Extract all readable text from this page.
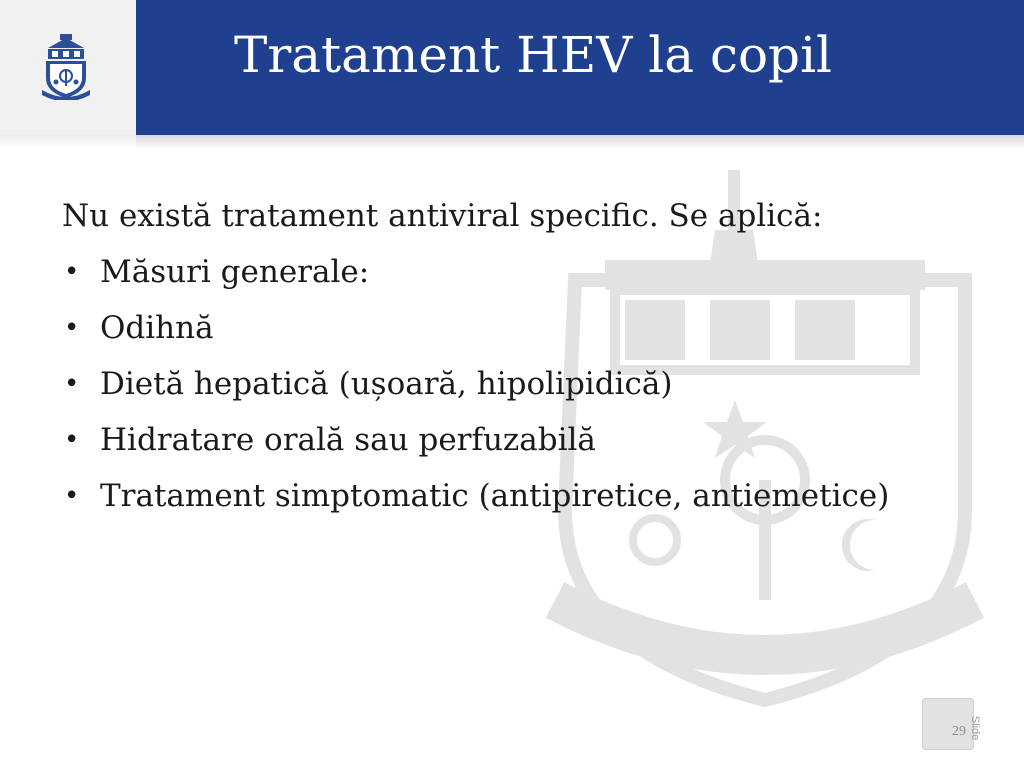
Tratament HEV la copil

Nu există tratament antiviral specific. Se aplică:

• Măsuri generale:
• Odihnă
• Dietă hepatică (ușoară, hipolipidică)
• Hidratare orală sau perfuzabilă
• Tratament simptomatic (antipiretice, antiemetice)
29 Slide
